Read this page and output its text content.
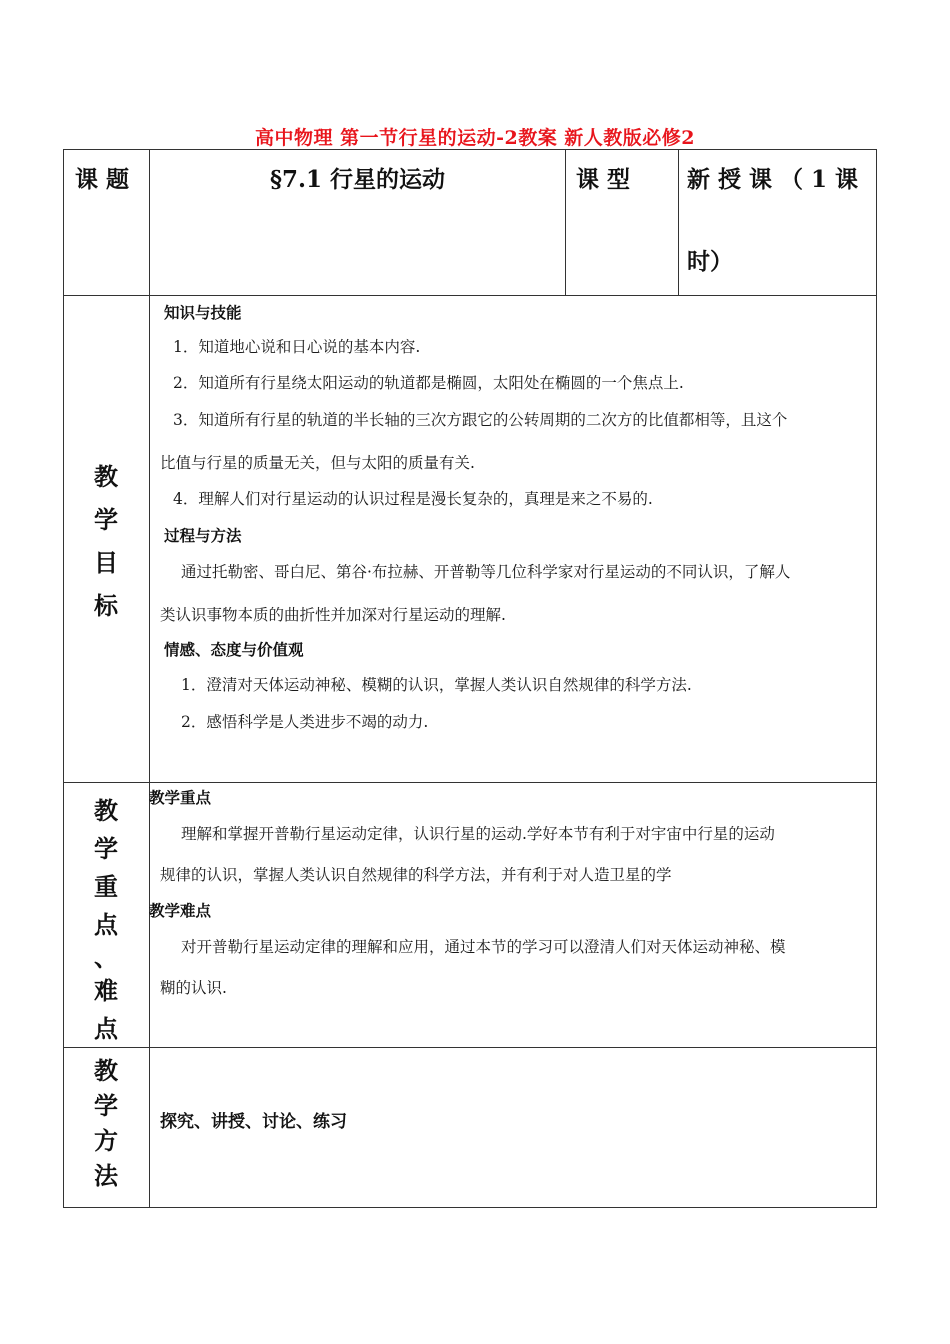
高中物理 第一节行星的运动-2教案 新人教版必修2
课 题	§7.1 行星的运动	课 型 新 授 课 （ 1 课
时）
教
学
目
标
知识与技能
1．知道地心说和日心说的基本内容.
2．知道所有行星绕太阳运动的轨道都是椭圆，太阳处在椭圆的一个焦点上.
3．知道所有行星的轨道的半长轴的三次方跟它的公转周期的二次方的比值都相等，且这个
比值与行星的质量无关，但与太阳的质量有关.
4．理解人们对行星运动的认识过程是漫长复杂的，真理是来之不易的.
过程与方法
通过托勒密、哥白尼、第谷·布拉赫、开普勒等几位科学家对行星运动的不同认识，了解人
类认识事物本质的曲折性并加深对行星运动的理解.
情感、态度与价值观
1．澄清对天体运动神秘、模糊的认识，掌握人类认识自然规律的科学方法.
2．感悟科学是人类进步不竭的动力.
教
学
重
点
、
难
点
教学重点
理解和掌握开普勒行星运动定律，认识行星的运动.学好本节有利于对宇宙中行星的运动
规律的认识，掌握人类认识自然规律的科学方法，并有利于对人造卫星的学
教学难点
对开普勒行星运动定律的理解和应用，通过本节的学习可以澄清人们对天体运动神秘、模
糊的认识.
教
学
方
法
探究、讲授、讨论、练习
